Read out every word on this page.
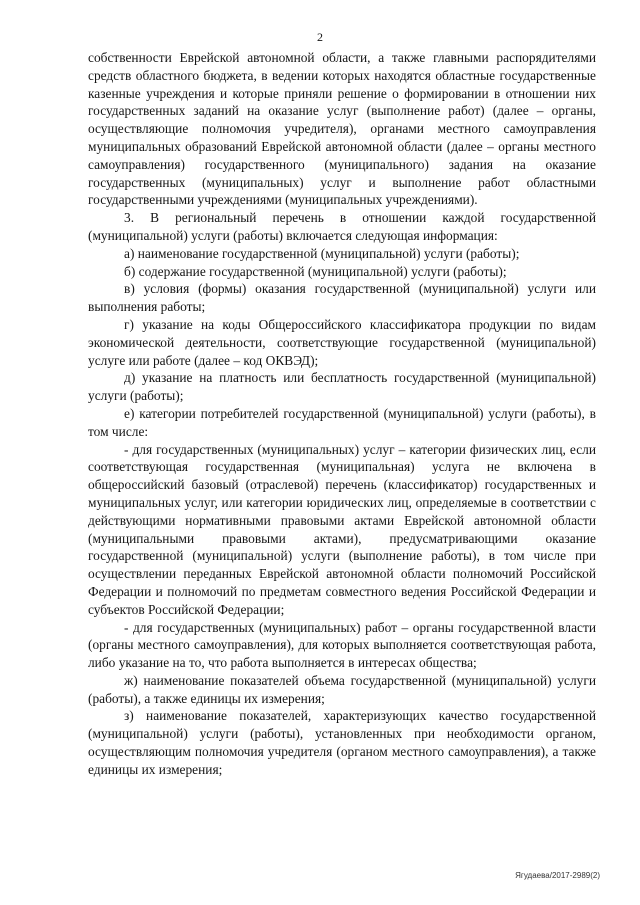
2

собственности Еврейской автономной области, а также главными распорядителями средств областного бюджета, в ведении которых находятся областные государственные казенные учреждения и которые приняли решение о формировании в отношении них государственных заданий на оказание услуг (выполнение работ) (далее – органы, осуществляющие полномочия учредителя), органами местного самоуправления муниципальных образований Еврейской автономной области (далее – органы местного самоуправления) государственного (муниципального) задания на оказание государственных (муниципальных) услуг и выполнение работ областными государственными учреждениями (муниципальных учреждениями).

3. В региональный перечень в отношении каждой государственной (муниципальной) услуги (работы) включается следующая информация:

а) наименование государственной (муниципальной) услуги (работы);

б) содержание государственной (муниципальной) услуги (работы);

в) условия (формы) оказания государственной (муниципальной) услуги или выполнения работы;

г) указание на коды Общероссийского классификатора продукции по видам экономической деятельности, соответствующие государственной (муниципальной) услуге или работе (далее – код ОКВЭД);

д) указание на платность или бесплатность государственной (муниципальной) услуги (работы);

е) категории потребителей государственной (муниципальной) услуги (работы), в том числе:

- для государственных (муниципальных) услуг – категории физических лиц, если соответствующая государственная (муниципальная) услуга не включена в общероссийский базовый (отраслевой) перечень (классификатор) государственных и муниципальных услуг, или категории юридических лиц, определяемые в соответствии с действующими нормативными правовыми актами Еврейской автономной области (муниципальными правовыми актами), предусматривающими оказание государственной (муниципальной) услуги (выполнение работы), в том числе при осуществлении переданных Еврейской автономной области полномочий Российской Федерации и полномочий по предметам совместного ведения Российской Федерации и субъектов Российской Федерации;

- для государственных (муниципальных) работ – органы государственной власти (органы местного самоуправления), для которых выполняется соответствующая работа, либо указание на то, что работа выполняется в интересах общества;

ж) наименование показателей объема государственной (муниципальной) услуги (работы), а также единицы их измерения;

з) наименование показателей, характеризующих качество государственной (муниципальной) услуги (работы), установленных при необходимости органом, осуществляющим полномочия учредителя (органом местного самоуправления), а также единицы их измерения;

Ягудаева/2017-2989(2)
